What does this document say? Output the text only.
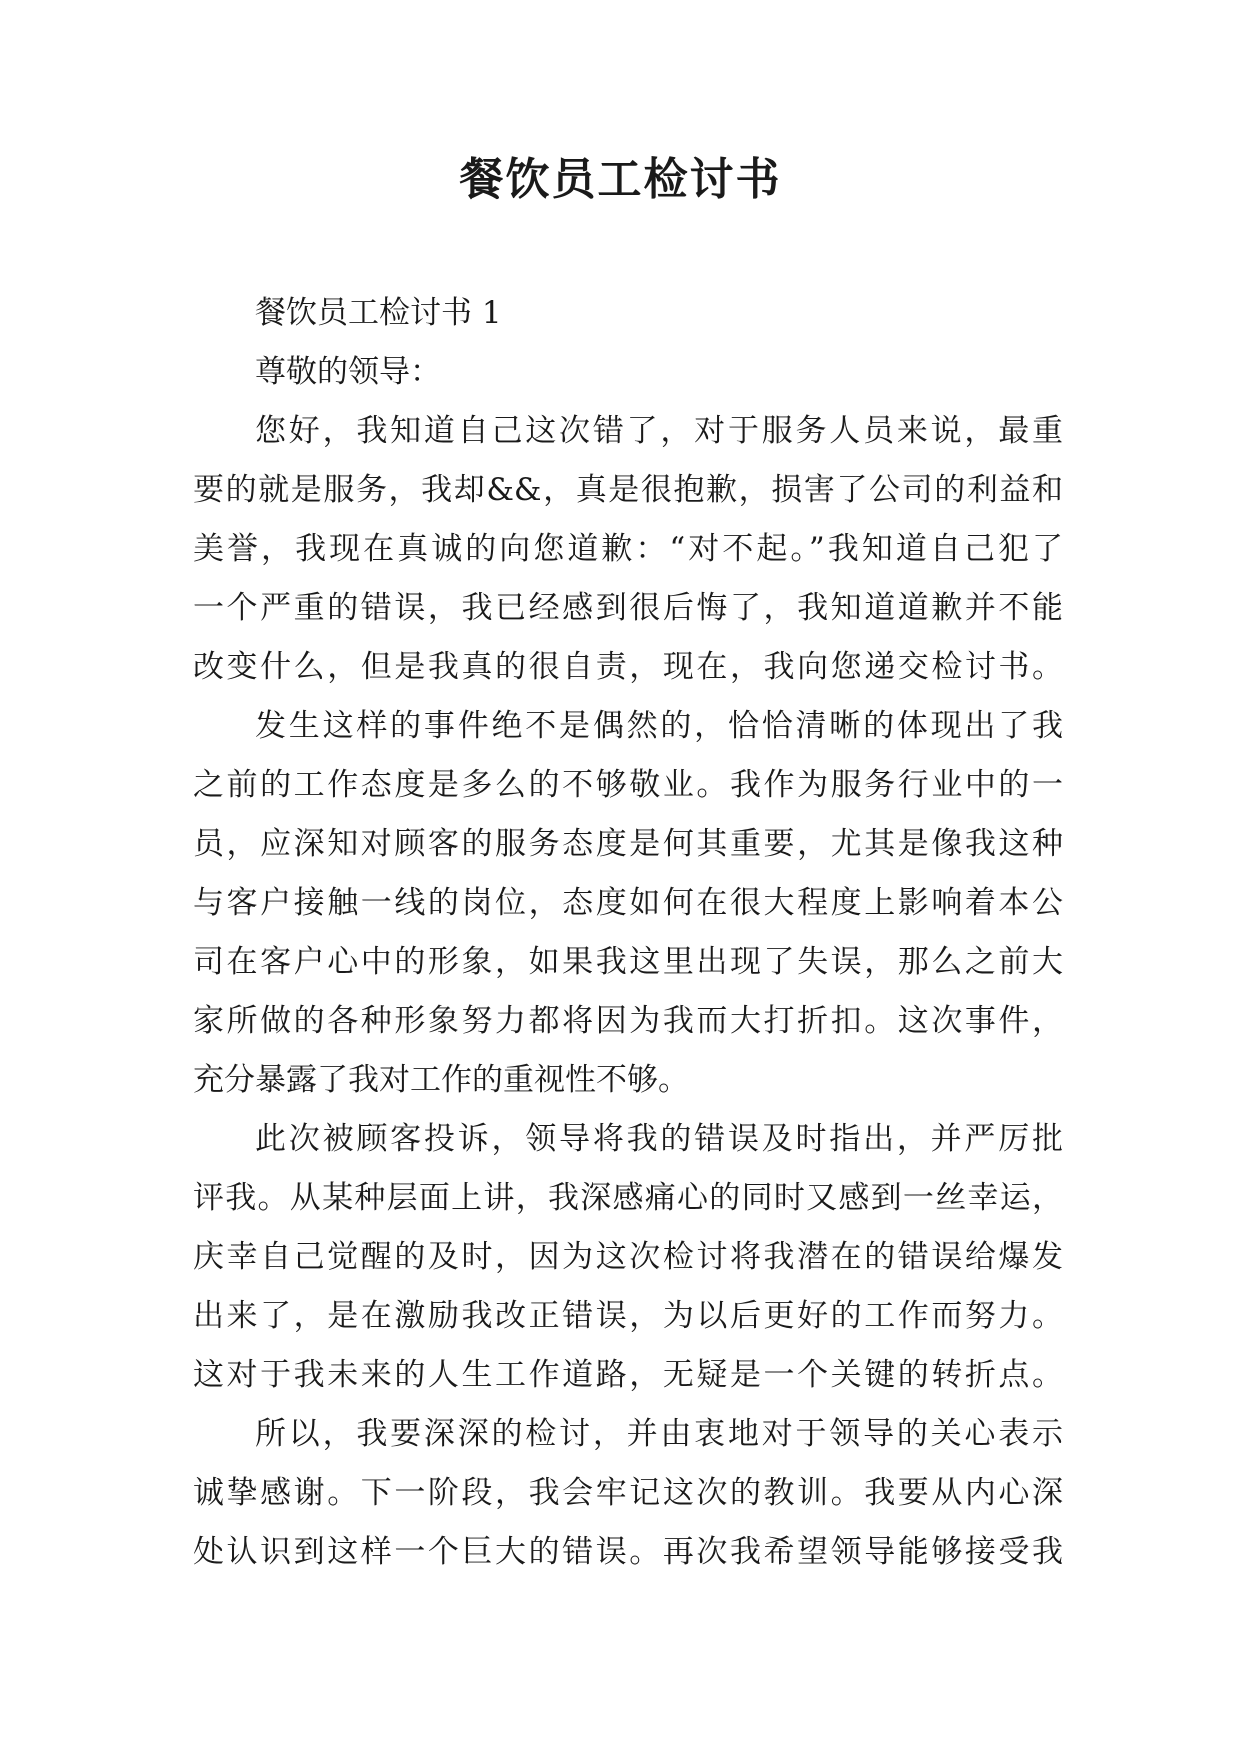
餐饮员工检讨书
餐饮员工检讨书 1
尊敬的领导：
您好，我知道自己这次错了，对于服务人员来说，最重
要的就是服务，我却&&，真是很抱歉，损害了公司的利益和
美誉，我现在真诚的向您道歉：“对不起。”我知道自己犯了
一个严重的错误，我已经感到很后悔了，我知道道歉并不能
改变什么，但是我真的很自责，现在，我向您递交检讨书。
发生这样的事件绝不是偶然的，恰恰清晰的体现出了我
之前的工作态度是多么的不够敬业。我作为服务行业中的一
员，应深知对顾客的服务态度是何其重要，尤其是像我这种
与客户接触一线的岗位，态度如何在很大程度上影响着本公
司在客户心中的形象，如果我这里出现了失误，那么之前大
家所做的各种形象努力都将因为我而大打折扣。这次事件，
充分暴露了我对工作的重视性不够。
此次被顾客投诉，领导将我的错误及时指出，并严厉批
评我。从某种层面上讲，我深感痛心的同时又感到一丝幸运，
庆幸自己觉醒的及时，因为这次检讨将我潜在的错误给爆发
出来了，是在激励我改正错误，为以后更好的工作而努力。
这对于我未来的人生工作道路，无疑是一个关键的转折点。
所以，我要深深的检讨，并由衷地对于领导的关心表示
诚挚感谢。下一阶段，我会牢记这次的教训。我要从内心深
处认识到这样一个巨大的错误。再次我希望领导能够接受我
